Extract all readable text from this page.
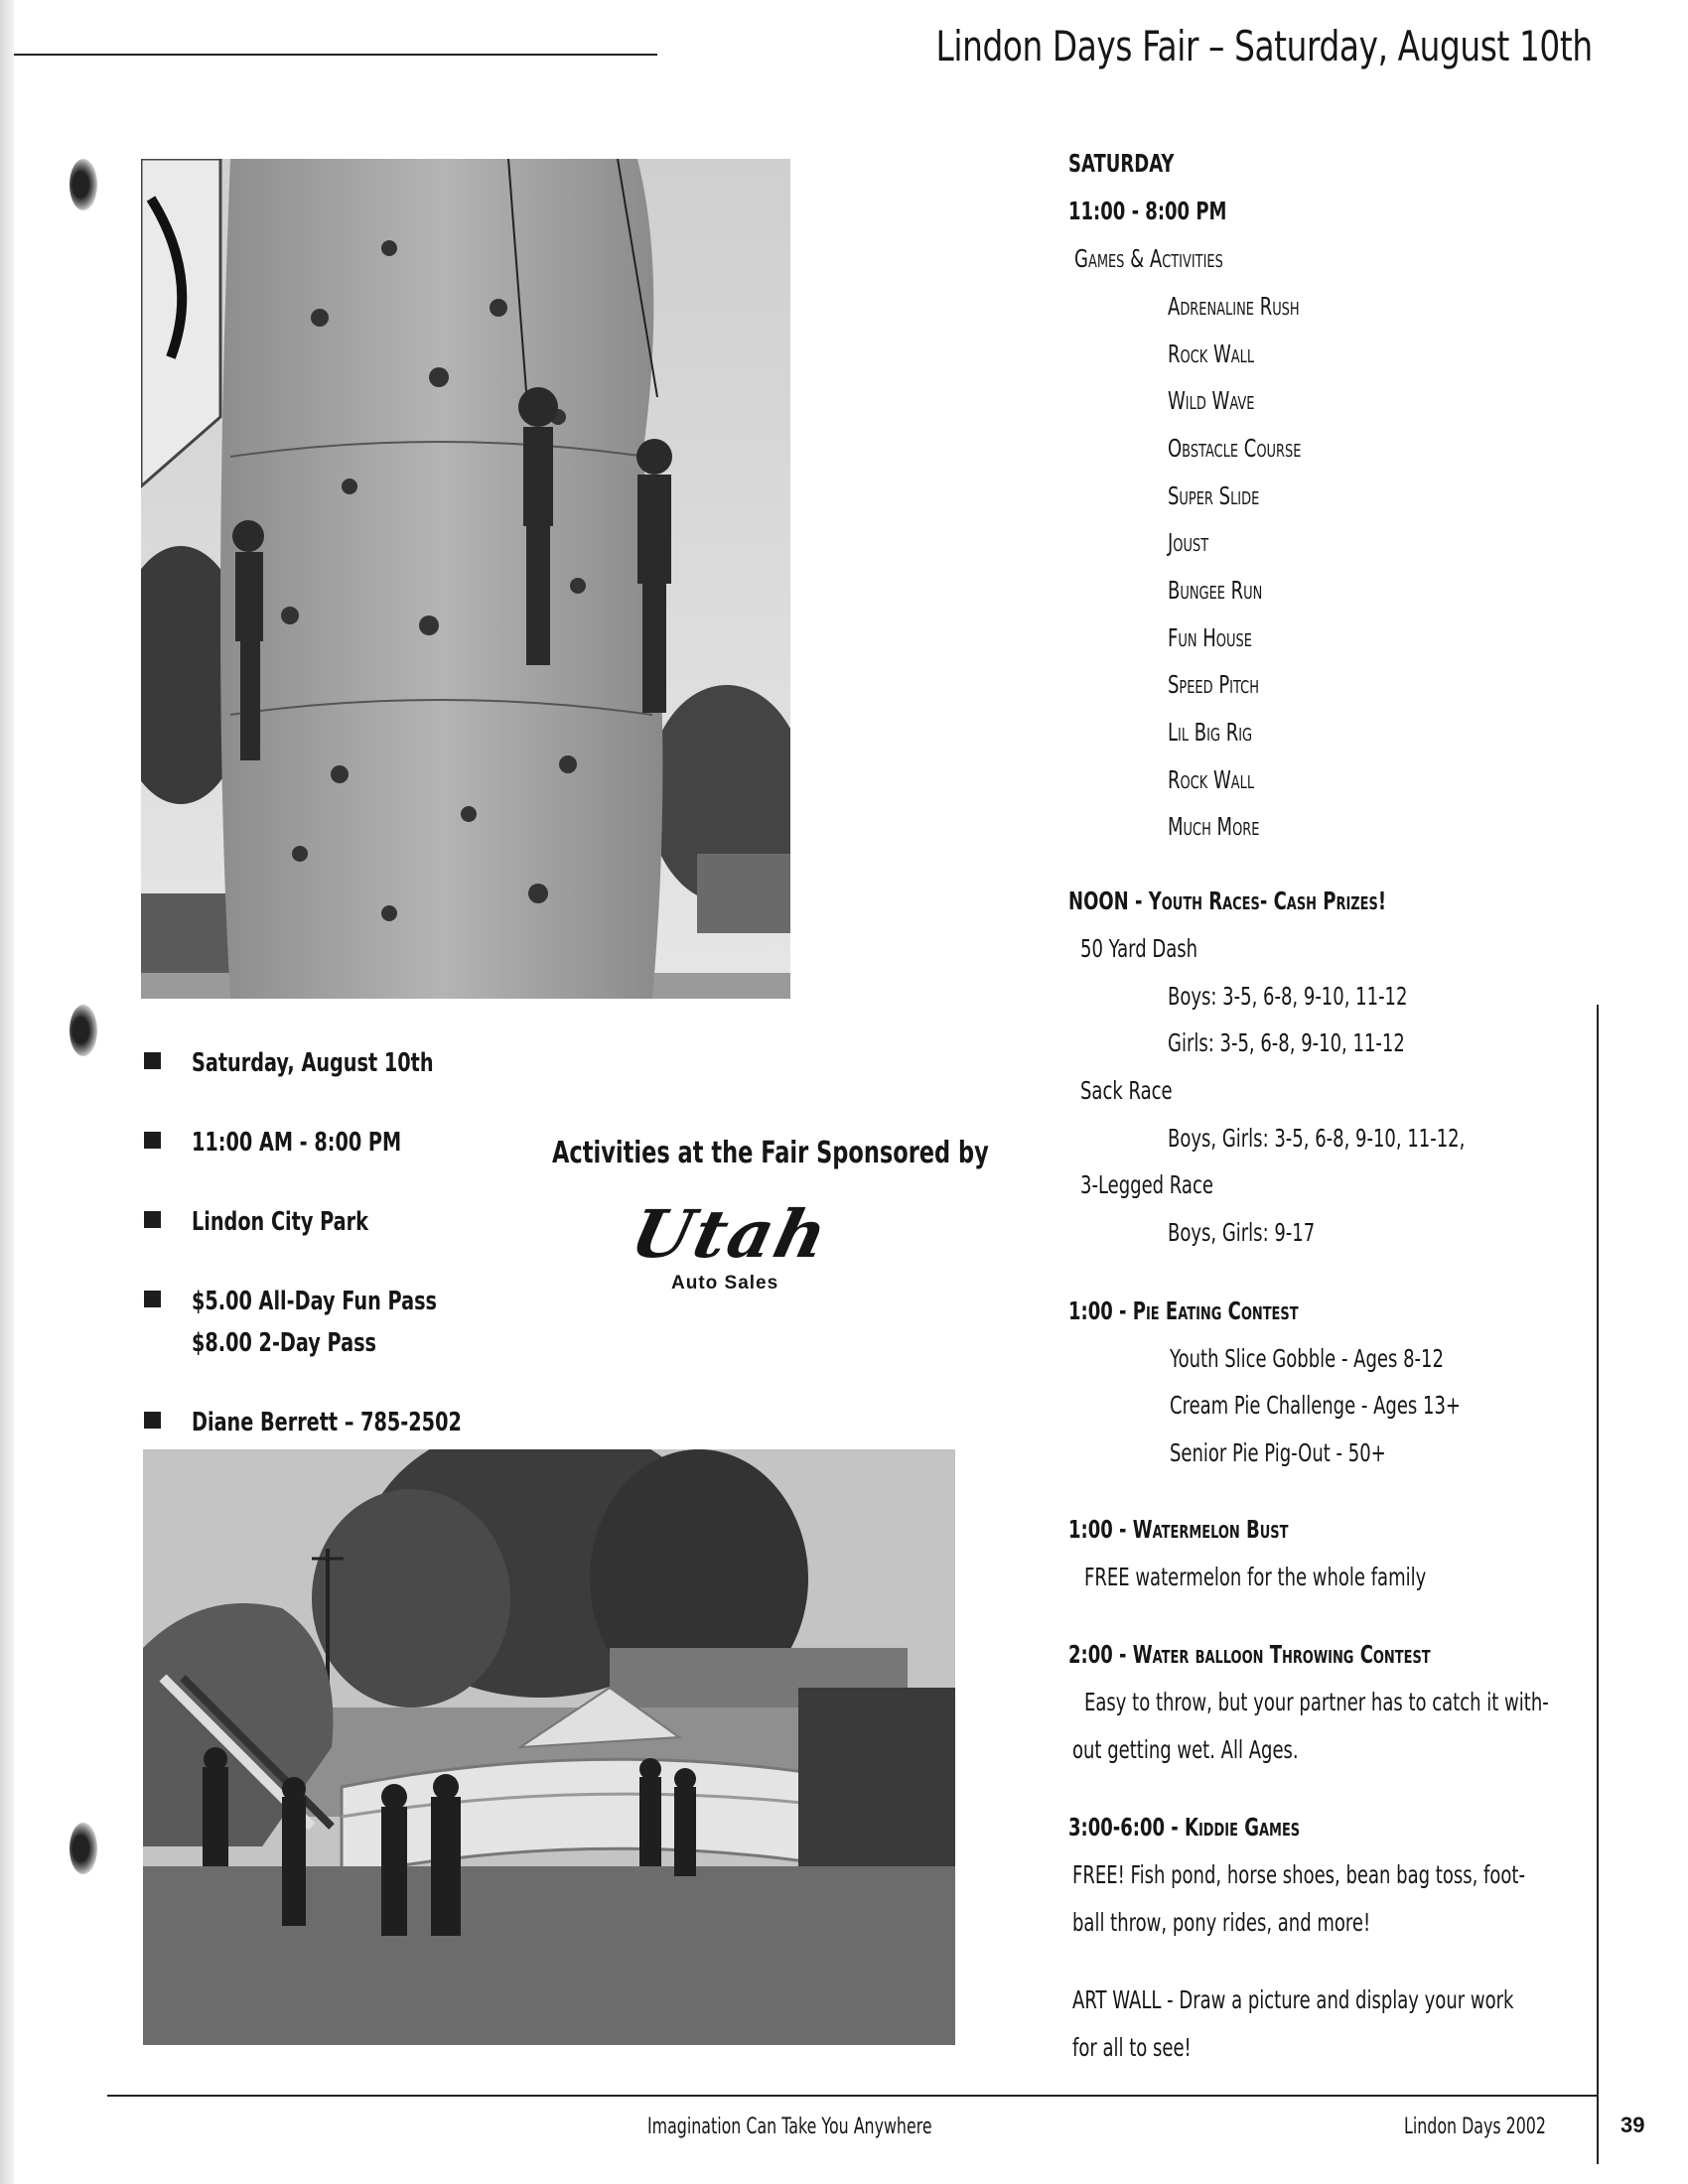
Lindon Days Fair – Saturday, August 10th
Saturday, August 10th
11:00 AM - 8:00 PM
Lindon City Park
$5.00 All-Day Fun Pass
$8.00 2-Day Pass
Diane Berrett – 785-2502
Activities at the Fair Sponsored by
Utah
Auto Sales
SATURDAY
11:00 - 8:00 PM
Games & Activities
Adrenaline Rush
Rock Wall
Wild Wave
Obstacle Course
Super Slide
Joust
Bungee Run
Fun House
Speed Pitch
Lil Big Rig
Rock Wall
Much More
NOON - Youth Races- Cash Prizes!
50 Yard Dash
Boys: 3-5, 6-8, 9-10, 11-12
Girls: 3-5, 6-8, 9-10, 11-12
Sack Race
Boys, Girls: 3-5, 6-8, 9-10, 11-12,
3-Legged Race
Boys, Girls: 9-17
1:00 - Pie Eating Contest
Youth Slice Gobble - Ages 8-12
Cream Pie Challenge - Ages 13+
Senior Pie Pig-Out - 50+
1:00 - Watermelon Bust
FREE watermelon for the whole family
2:00 - Water balloon Throwing Contest
Easy to throw, but your partner has to catch it with-
out getting wet. All Ages.
3:00-6:00 - Kiddie Games
FREE! Fish pond, horse shoes, bean bag toss, foot-
ball throw, pony rides, and more!
ART WALL - Draw a picture and display your work
for all to see!
Imagination Can Take You Anywhere	Lindon Days 2002	39
